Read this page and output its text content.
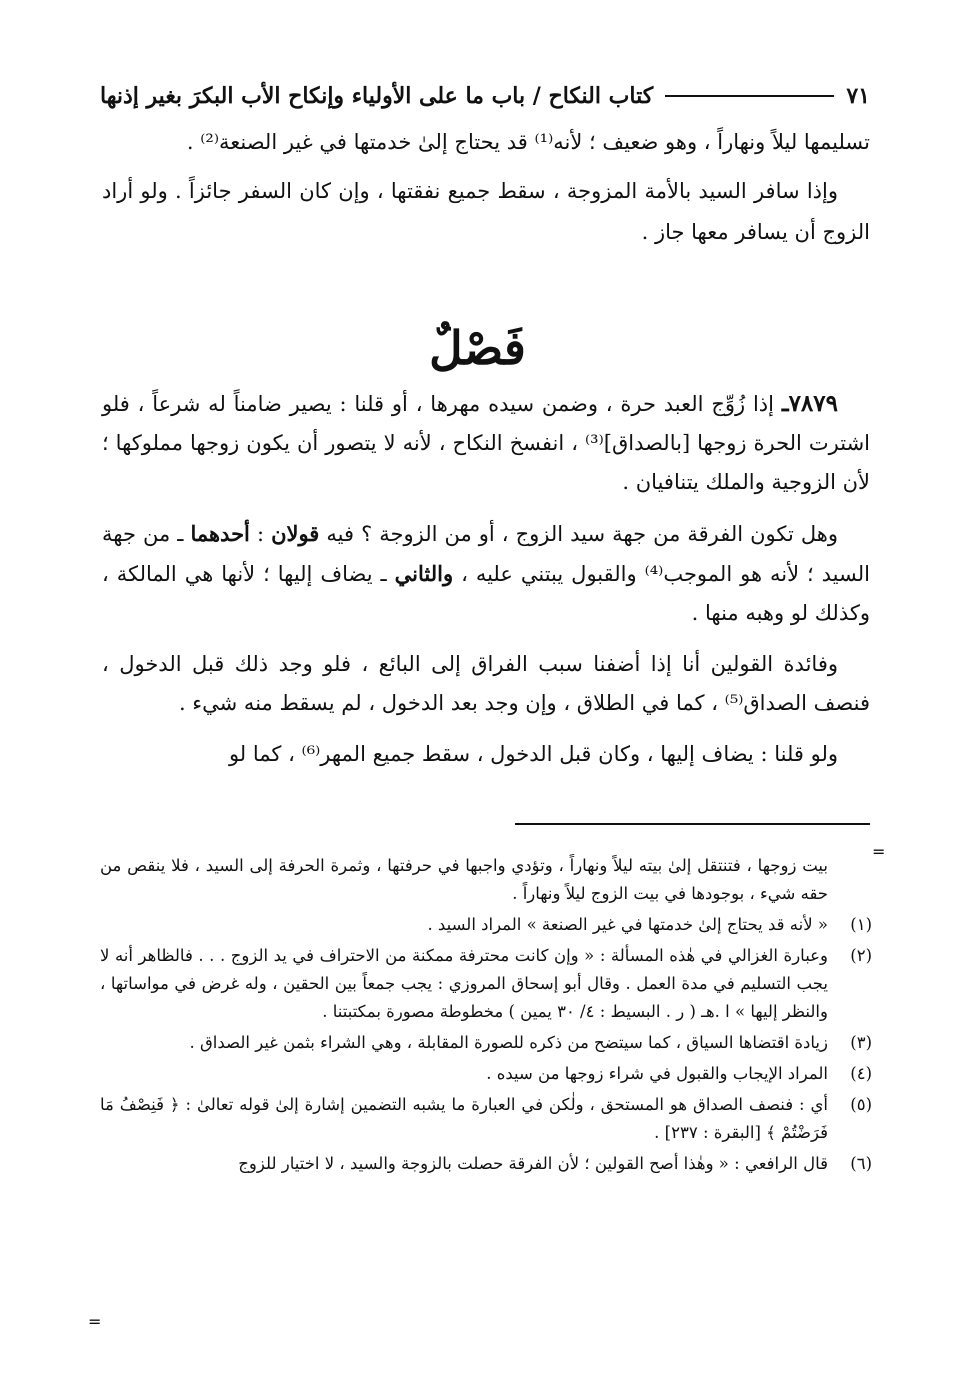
كتاب النكاح / باب ما على الأولياء وإنكاح الأب البكرَ بغير إذنها	٧١

تسليمها ليلاً ونهاراً ، وهو ضعيف ؛ لأنه⁽¹⁾ قد يحتاج إلىٰ خدمتها في غير الصنعة⁽²⁾ .

وإذا سافر السيد بالأمة المزوجة ، سقط جميع نفقتها ، وإن كان السفر جائزاً . ولو أراد الزوج أن يسافر معها جاز .

فَصْلٌ

٧٨٧٩ـ إذا زُوِّج العبد حرة ، وضمن سيده مهرها ، أو قلنا : يصير ضامناً له شرعاً ، فلو اشترت الحرة زوجها [بالصداق]⁽³⁾ ، انفسخ النكاح ، لأنه لا يتصور أن يكون زوجها مملوكها ؛ لأن الزوجية والملك يتنافيان .

وهل تكون الفرقة من جهة سيد الزوج ، أو من الزوجة ؟ فيه قولان : أحدهما ـ من جهة السيد ؛ لأنه هو الموجب⁽⁴⁾ والقبول يبتني عليه ، والثاني ـ يضاف إليها ؛ لأنها هي المالكة ، وكذلك لو وهبه منها .

وفائدة القولين أنا إذا أضفنا سبب الفراق إلى البائع ، فلو وجد ذلك قبل الدخول ، فنصف الصداق⁽⁵⁾ ، كما في الطلاق ، وإن وجد بعد الدخول ، لم يسقط منه شيء .

ولو قلنا : يضاف إليها ، وكان قبل الدخول ، سقط جميع المهر⁽⁶⁾ ، كما لو

=
=
بيت زوجها ، فتنتقل إلىٰ بيته ليلاً ونهاراً ، وتؤدي واجبها في حرفتها ، وثمرة الحرفة إلى السيد ، فلا ينقص من حقه شيء ، بوجودها في بيت الزوج ليلاً ونهاراً .
(١)
« لأنه قد يحتاج إلىٰ خدمتها في غير الصنعة » المراد السيد .
(٢)
وعبارة الغزالي في هٰذه المسألة : « وإن كانت محترفة ممكنة من الاحتراف في يد الزوج . . . فالظاهر أنه لا يجب التسليم في مدة العمل . وقال أبو إسحاق المروزي : يجب جمعاً بين الحقين ، وله غرض في مواساتها ، والنظر إليها » ا .هـ ( ر . البسيط : ٤/ ٣٠ يمين ) مخطوطة مصورة بمكتبتنا .
(٣)
زيادة اقتضاها السياق ، كما سيتضح من ذكره للصورة المقابلة ، وهي الشراء بثمن غير الصداق .
(٤)
المراد الإيجاب والقبول في شراء زوجها من سيده .
(٥)
أي : فنصف الصداق هو المستحق ، ولٰكن في العبارة ما يشبه التضمين إشارة إلىٰ قوله تعالىٰ : ﴿ فَنِصْفُ مَا فَرَضْتُمْ ﴾ [البقرة : ٢٣٧] .
(٦)
قال الرافعي : « وهٰذا أصح القولين ؛ لأن الفرقة حصلت بالزوجة والسيد ، لا اختيار للزوج
